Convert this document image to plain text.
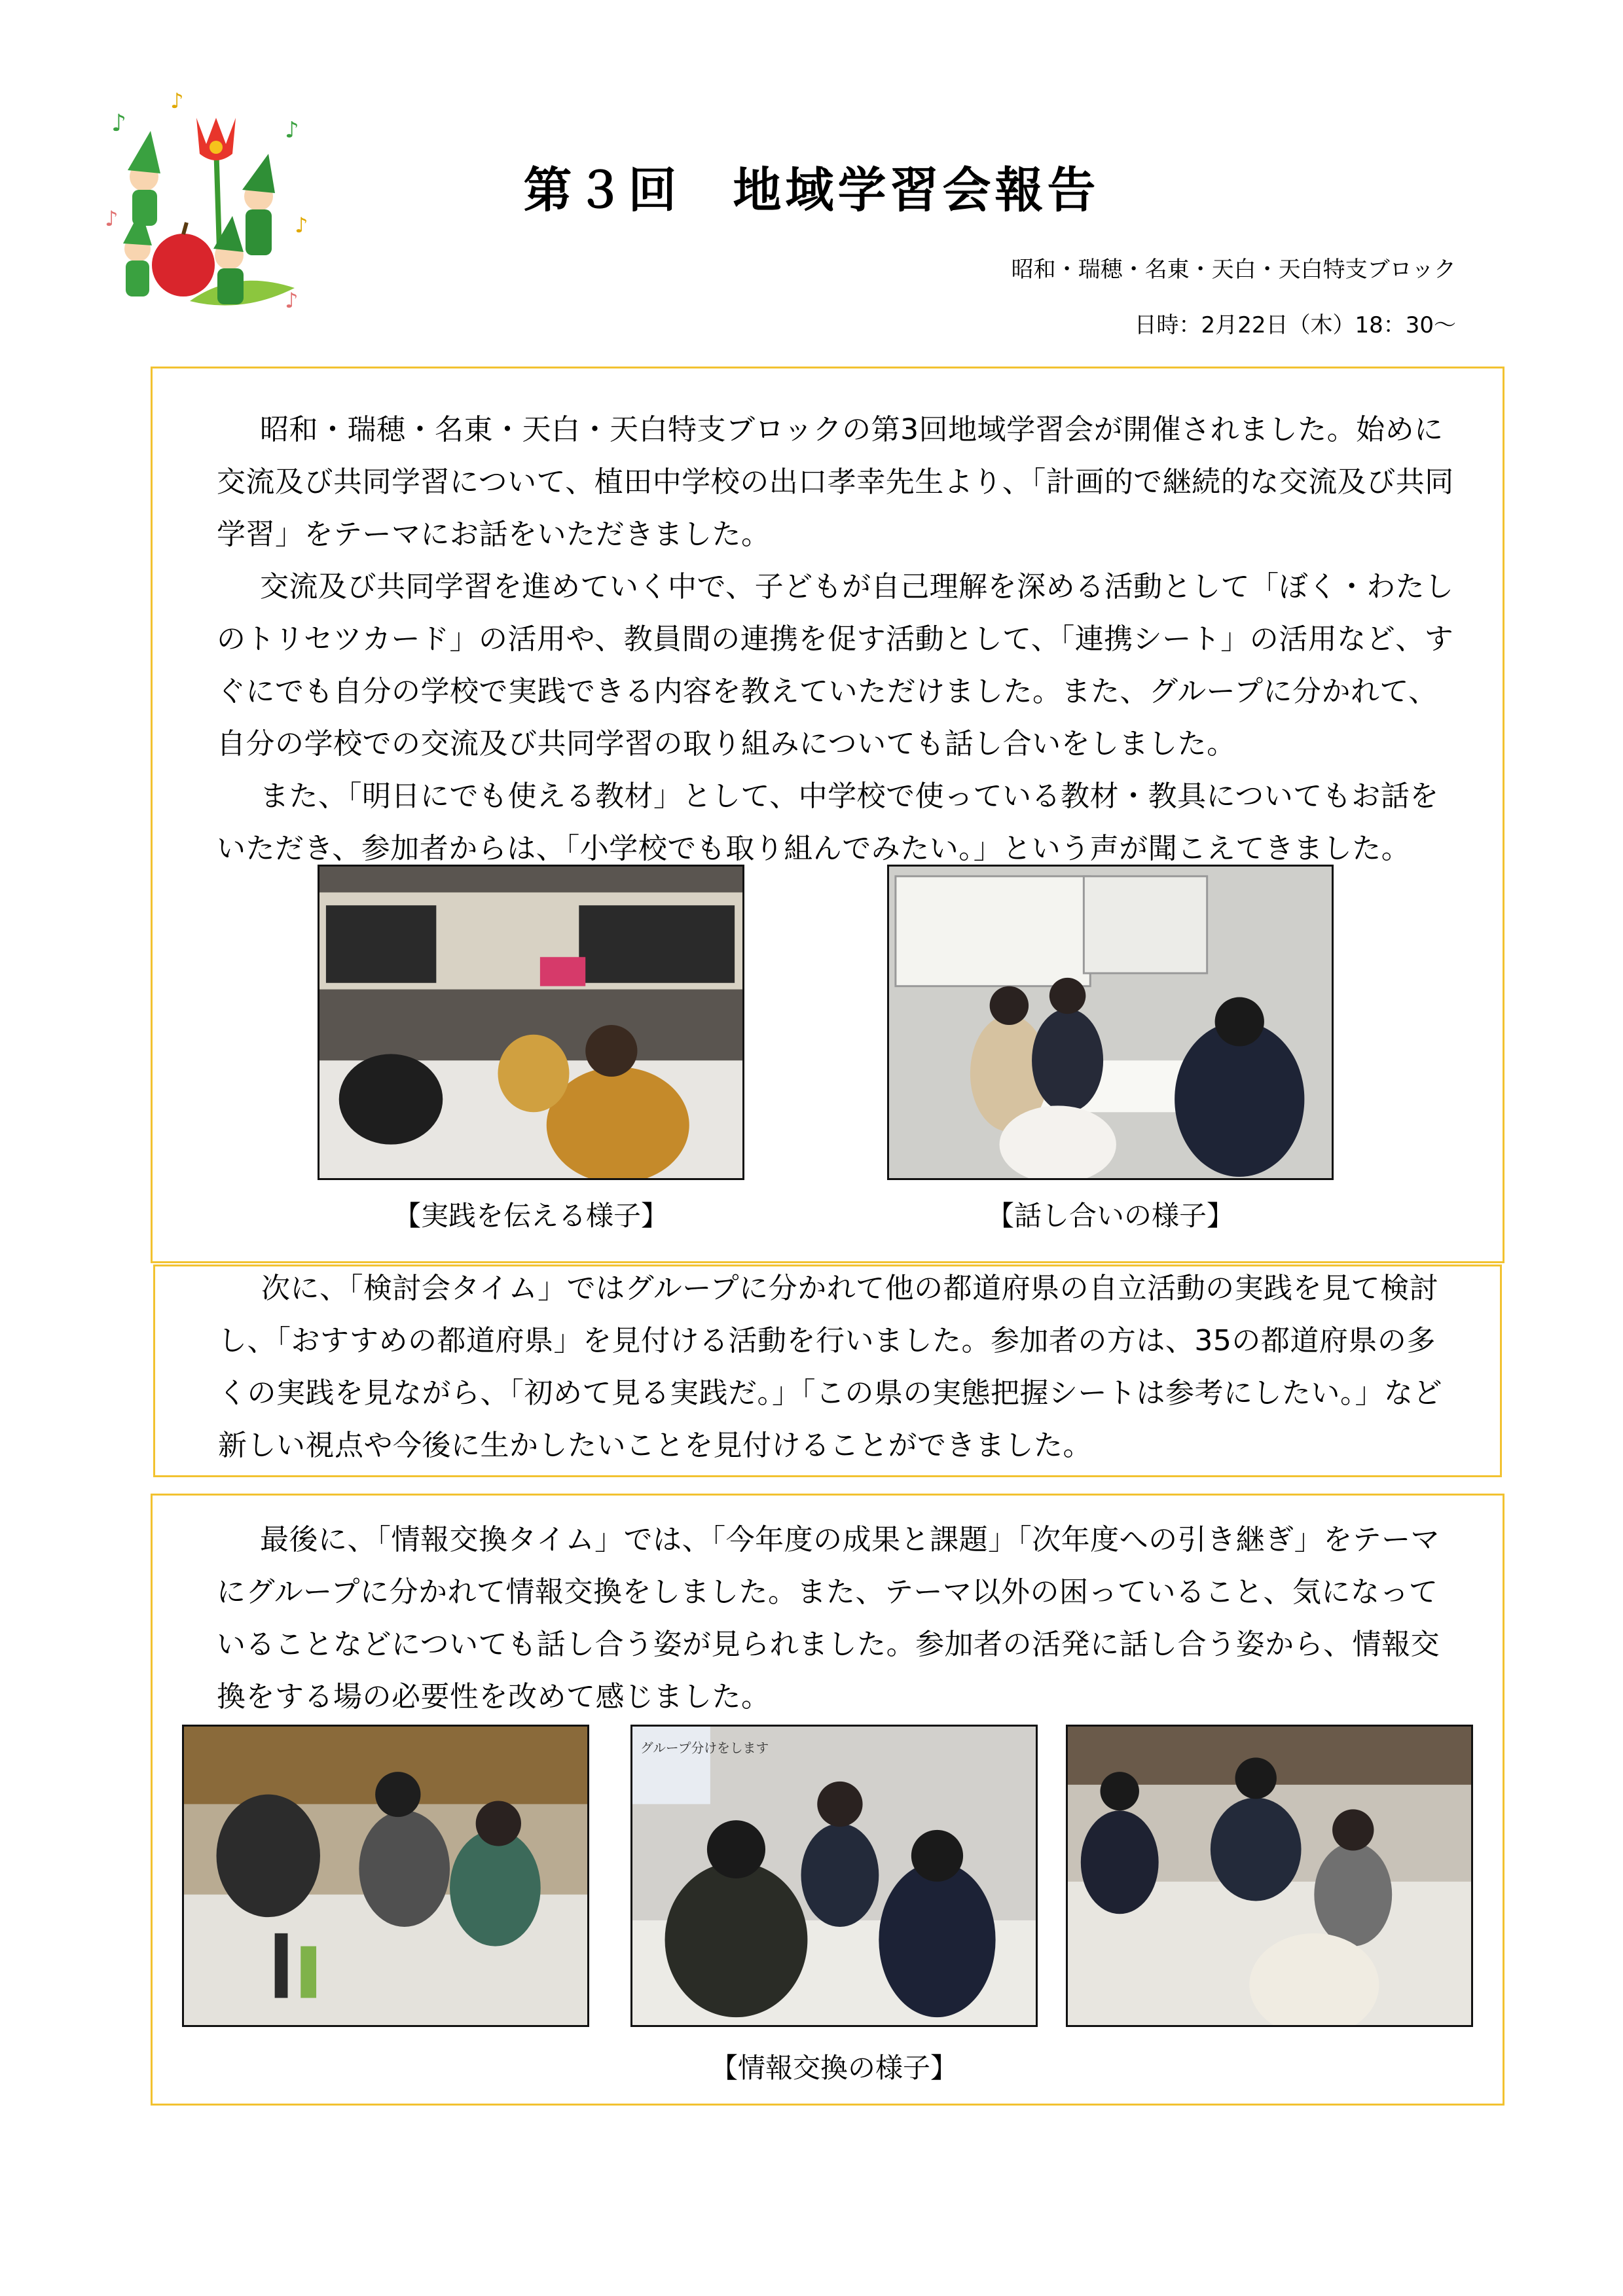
♪
♪
♪
♪	♪
♪
第３回　地域学習会報告
昭和・瑞穂・名東・天白・天白特支ブロック
日時：2月22日（木）18：30～

昭和・瑞穂・名東・天白・天白特支ブロックの第3回地域学習会が開催されました。始めに交流及び共同学習について、植田中学校の出口孝幸先生より、「計画的で継続的な交流及び共同学習」をテーマにお話をいただきました。

交流及び共同学習を進めていく中で、子どもが自己理解を深める活動として「ぼく・わたしのトリセツカード」の活用や、教員間の連携を促す活動として、「連携シート」の活用など、すぐにでも自分の学校で実践できる内容を教えていただけました。また、グループに分かれて、自分の学校での交流及び共同学習の取り組みについても話し合いをしました。

また、「明日にでも使える教材」として、中学校で使っている教材・教具についてもお話をいただき、参加者からは、「小学校でも取り組んでみたい。」という声が聞こえてきました。

【実践を伝える様子】	【話し合いの様子】

次に、「検討会タイム」ではグループに分かれて他の都道府県の自立活動の実践を見て検討し、「おすすめの都道府県」を見付ける活動を行いました。参加者の方は、35の都道府県の多くの実践を見ながら、「初めて見る実践だ。」「この県の実態把握シートは参考にしたい。」など新しい視点や今後に生かしたいことを見付けることができました。

最後に、「情報交換タイム」では、「今年度の成果と課題」「次年度への引き継ぎ」をテーマにグループに分かれて情報交換をしました。また、テーマ以外の困っていること、気になっていることなどについても話し合う姿が見られました。参加者の活発に話し合う姿から、情報交換をする場の必要性を改めて感じました。

グループ分けをします
【情報交換の様子】
